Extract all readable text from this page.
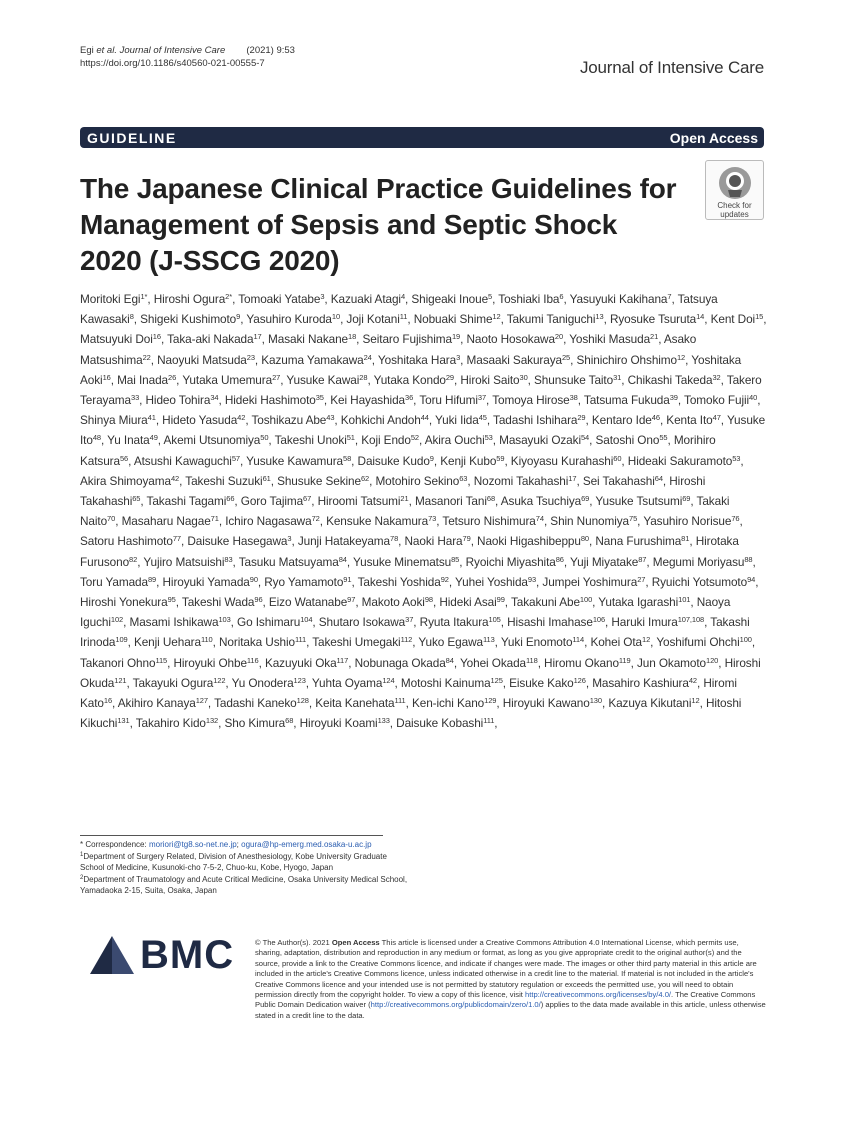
Egi et al. Journal of Intensive Care (2021) 9:53
https://doi.org/10.1186/s40560-021-00555-7	Journal of Intensive Care
GUIDELINE	Open Access
The Japanese Clinical Practice Guidelines for Management of Sepsis and Septic Shock 2020 (J-SSCG 2020)
Check for
updates
Moritoki Egi$^{1*}$, Hiroshi Ogura$^{2*}$, Tomoaki Yatabe$^3$, Kazuaki Atagi$^4$, Shigeaki Inoue$^5$, Toshiaki Iba$^6$, Yasuyuki Kakihana$^7$, Tatsuya Kawasaki$^8$, Shigeki Kushimoto$^9$, Yasuhiro Kuroda$^{10}$, Joji Kotani$^{11}$, Nobuaki Shime$^{12}$, Takumi Taniguchi$^{13}$, Ryosuke Tsuruta$^{14}$, Kent Doi$^{15}$, Matsuyuki Doi$^{16}$, Taka-aki Nakada$^{17}$, Masaki Nakane$^{18}$, Seitaro Fujishima$^{19}$, Naoto Hosokawa$^{20}$, Yoshiki Masuda$^{21}$, Asako Matsushima$^{22}$, Naoyuki Matsuda$^{23}$, Kazuma Yamakawa$^{24}$, Yoshitaka Hara$^3$, Masaaki Sakuraya$^{25}$, Shinichiro Ohshimo$^{12}$, Yoshitaka Aoki$^{16}$, Mai Inada$^{26}$, Yutaka Umemura$^{27}$, Yusuke Kawai$^{28}$, Yutaka Kondo$^{29}$, Hiroki Saito$^{30}$, Shunsuke Taito$^{31}$, Chikashi Takeda$^{32}$, Takero Terayama$^{33}$, Hideo Tohira$^{34}$, Hideki Hashimoto$^{35}$, Kei Hayashida$^{36}$, Toru Hifumi$^{37}$, Tomoya Hirose$^{38}$, Tatsuma Fukuda$^{39}$, Tomoko Fujii$^{40}$, Shinya Miura$^{41}$, Hideto Yasuda$^{42}$, Toshikazu Abe$^{43}$, Kohkichi Andoh$^{44}$, Yuki Iida$^{45}$, Tadashi Ishihara$^{29}$, Kentaro Ide$^{46}$, Kenta Ito$^{47}$, Yusuke Ito$^{48}$, Yu Inata$^{49}$, Akemi Utsunomiya$^{50}$, Takeshi Unoki$^{51}$, Koji Endo$^{52}$, Akira Ouchi$^{53}$, Masayuki Ozaki$^{54}$, Satoshi Ono$^{55}$, Morihiro Katsura$^{56}$, Atsushi Kawaguchi$^{57}$, Yusuke Kawamura$^{58}$, Daisuke Kudo$^9$, Kenji Kubo$^{59}$, Kiyoyasu Kurahashi$^{60}$, Hideaki Sakuramoto$^{53}$, Akira Shimoyama$^{42}$, Takeshi Suzuki$^{61}$, Shusuke Sekine$^{62}$, Motohiro Sekino$^{63}$, Nozomi Takahashi$^{17}$, Sei Takahashi$^{64}$, Hiroshi Takahashi$^{65}$, Takashi Tagami$^{66}$, Goro Tajima$^{67}$, Hiroomi Tatsumi$^{21}$, Masanori Tani$^{68}$, Asuka Tsuchiya$^{69}$, Yusuke Tsutsumi$^{69}$, Takaki Naito$^{70}$, Masaharu Nagae$^{71}$, Ichiro Nagasawa$^{72}$, Kensuke Nakamura$^{73}$, Tetsuro Nishimura$^{74}$, Shin Nunomiya$^{75}$, Yasuhiro Norisue$^{76}$, Satoru Hashimoto$^{77}$, Daisuke Hasegawa$^3$, Junji Hatakeyama$^{78}$, Naoki Hara$^{79}$, Naoki Higashibeppu$^{80}$, Nana Furushima$^{81}$, Hirotaka Furusono$^{82}$, Yujiro Matsuishi$^{83}$, Tasuku Matsuyama$^{84}$, Yusuke Minematsu$^{85}$, Ryoichi Miyashita$^{86}$, Yuji Miyatake$^{87}$, Megumi Moriyasu$^{88}$, Toru Yamada$^{89}$, Hiroyuki Yamada$^{90}$, Ryo Yamamoto$^{91}$, Takeshi Yoshida$^{92}$, Yuhei Yoshida$^{93}$, Jumpei Yoshimura$^{27}$, Ryuichi Yotsumoto$^{94}$, Hiroshi Yonekura$^{95}$, Takeshi Wada$^{96}$, Eizo Watanabe$^{97}$, Makoto Aoki$^{98}$, Hideki Asai$^{99}$, Takakuni Abe$^{100}$, Yutaka Igarashi$^{101}$, Naoya Iguchi$^{102}$, Masami Ishikawa$^{103}$, Go Ishimaru$^{104}$, Shutaro Isokawa$^{37}$, Ryuta Itakura$^{105}$, Hisashi Imahase$^{106}$, Haruki Imura$^{107,108}$, Takashi Irinoda$^{109}$, Kenji Uehara$^{110}$, Noritaka Ushio$^{111}$, Takeshi Umegaki$^{112}$, Yuko Egawa$^{113}$, Yuki Enomoto$^{114}$, Kohei Ota$^{12}$, Yoshifumi Ohchi$^{100}$, Takanori Ohno$^{115}$, Hiroyuki Ohbe$^{116}$, Kazuyuki Oka$^{117}$, Nobunaga Okada$^{84}$, Yohei Okada$^{118}$, Hiromu Okano$^{119}$, Jun Okamoto$^{120}$, Hiroshi Okuda$^{121}$, Takayuki Ogura$^{122}$, Yu Onodera$^{123}$, Yuhta Oyama$^{124}$, Motoshi Kainuma$^{125}$, Eisuke Kako$^{126}$, Masahiro Kashiura$^{42}$, Hiromi Kato$^{16}$, Akihiro Kanaya$^{127}$, Tadashi Kaneko$^{128}$, Keita Kanehata$^{111}$, Ken-ichi Kano$^{129}$, Hiroyuki Kawano$^{130}$, Kazuya Kikutani$^{12}$, Hitoshi Kikuchi$^{131}$, Takahiro Kido$^{132}$, Sho Kimura$^{68}$, Hiroyuki Koami$^{133}$, Daisuke Kobashi$^{111}$,

* Correspondence: moriori@tg8.so-net.ne.jp; ogura@hp-emerg.med.osaka-u.ac.jp

$^1$Department of Surgery Related, Division of Anesthesiology, Kobe University Graduate School of Medicine, Kusunoki-cho 7-5-2, Chuo-ku, Kobe, Hyogo, Japan

$^2$Department of Traumatology and Acute Critical Medicine, Osaka University Medical School, Yamadaoka 2-15, Suita, Osaka, Japan

BMC	© The Author(s). 2021 Open Access This article is licensed under a Creative Commons Attribution 4.0 International License, which permits use, sharing, adaptation, distribution and reproduction in any medium or format, as long as you give appropriate credit to the original author(s) and the source, provide a link to the Creative Commons licence, and indicate if changes were made. The images or other third party material in this article are included in the article's Creative Commons licence, unless indicated otherwise in a credit line to the material. If material is not included in the article's Creative Commons licence and your intended use is not permitted by statutory regulation or exceeds the permitted use, you will need to obtain permission directly from the copyright holder. To view a copy of this licence, visit http://creativecommons.org/licenses/by/4.0/. The Creative Commons Public Domain Dedication waiver (http://creativecommons.org/publicdomain/zero/1.0/) applies to the data made available in this article, unless otherwise stated in a credit line to the data.
